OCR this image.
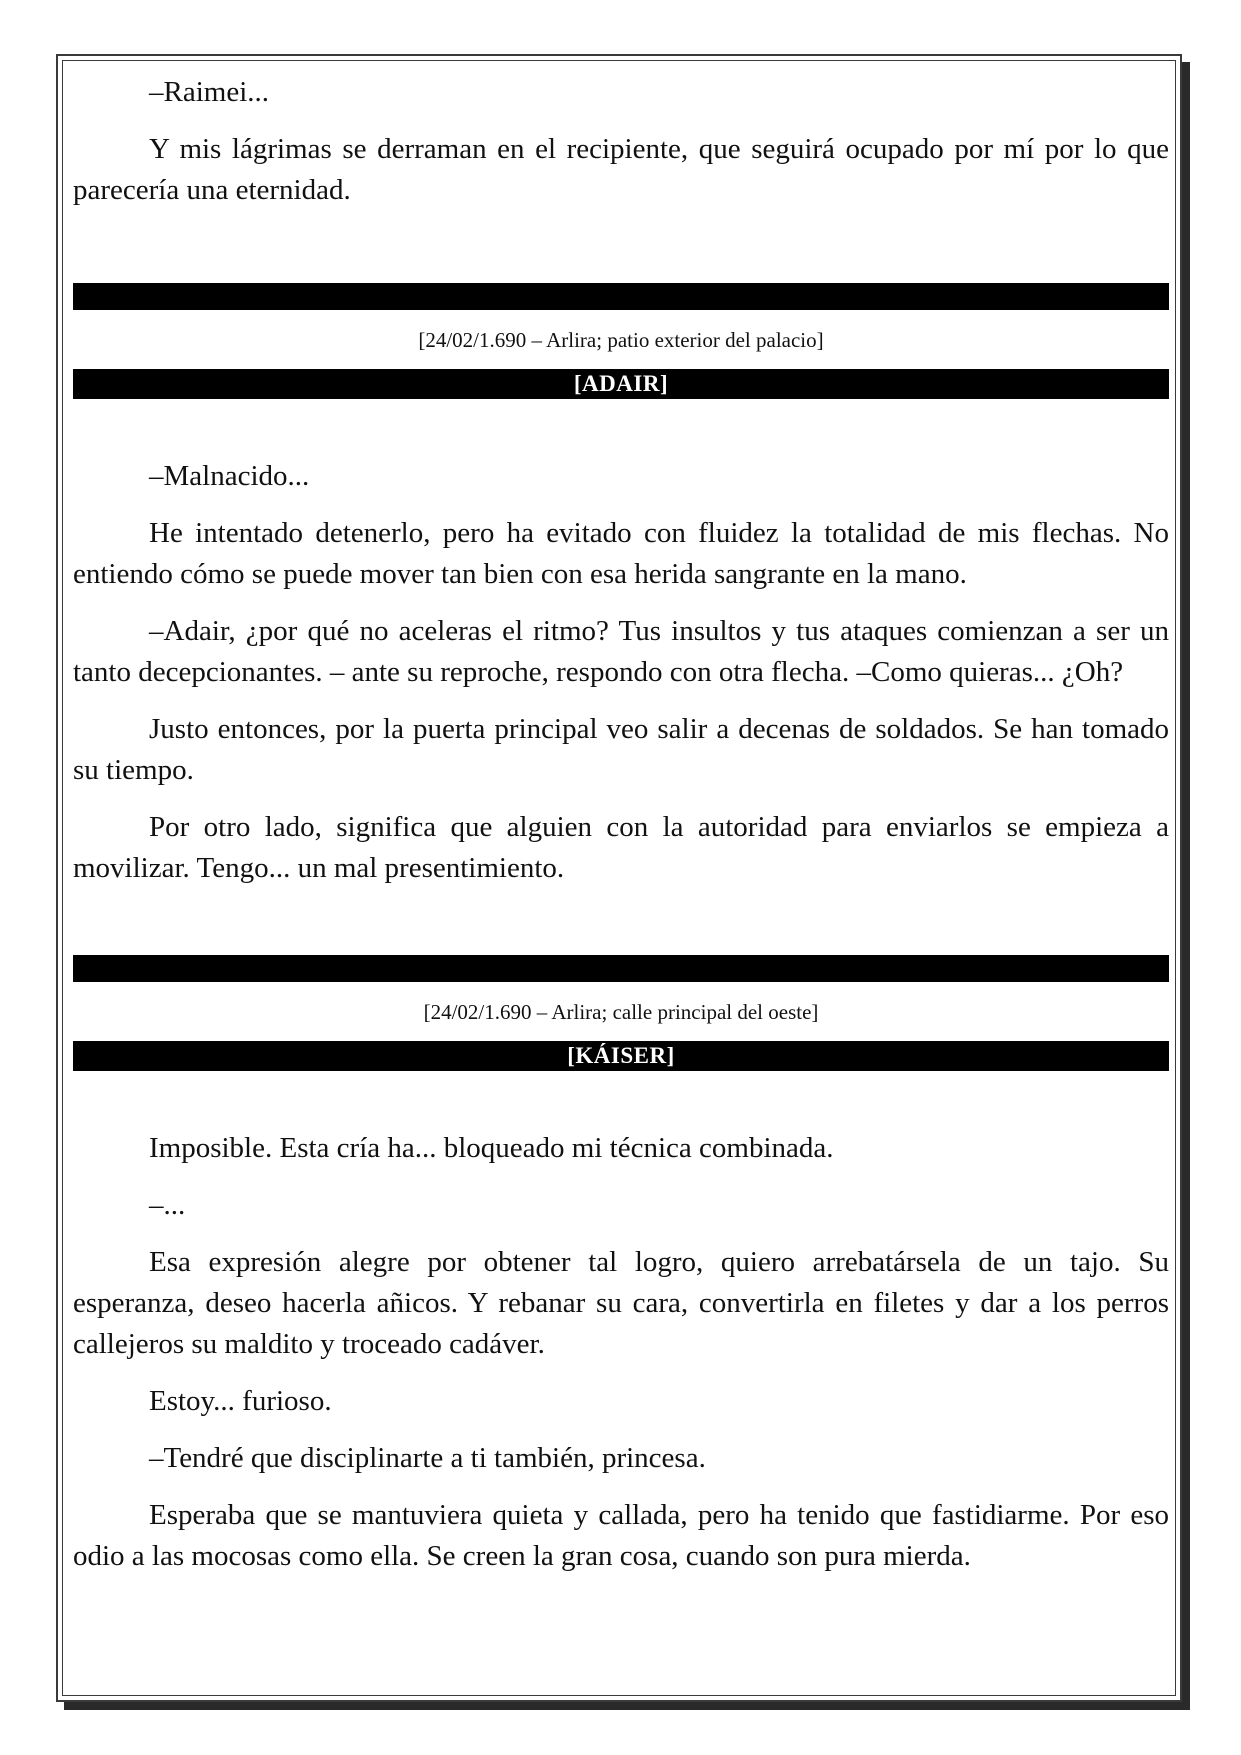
–Raimei...

Y mis lágrimas se derraman en el recipiente, que seguirá ocupado por mí por lo que parecería una eternidad.

[24/02/1.690 – Arlira; patio exterior del palacio]
[ADAIR]

–Malnacido...

He intentado detenerlo, pero ha evitado con fluidez la totalidad de mis flechas. No entiendo cómo se puede mover tan bien con esa herida sangrante en la mano.

–Adair, ¿por qué no aceleras el ritmo? Tus insultos y tus ataques comienzan a ser un tanto decepcionantes. – ante su reproche, respondo con otra flecha. –Como quieras... ¿Oh?

Justo entonces, por la puerta principal veo salir a decenas de soldados. Se han tomado su tiempo.

Por otro lado, significa que alguien con la autoridad para enviarlos se empieza a movilizar. Tengo... un mal presentimiento.

[24/02/1.690 – Arlira; calle principal del oeste]
[KÁISER]

Imposible. Esta cría ha... bloqueado mi técnica combinada.

–...

Esa expresión alegre por obtener tal logro, quiero arrebatársela de un tajo. Su esperanza, deseo hacerla añicos. Y rebanar su cara, convertirla en filetes y dar a los perros callejeros su maldito y troceado cadáver.

Estoy... furioso.

–Tendré que disciplinarte a ti también, princesa.

Esperaba que se mantuviera quieta y callada, pero ha tenido que fastidiarme. Por eso odio a las mocosas como ella. Se creen la gran cosa, cuando son pura mierda.
